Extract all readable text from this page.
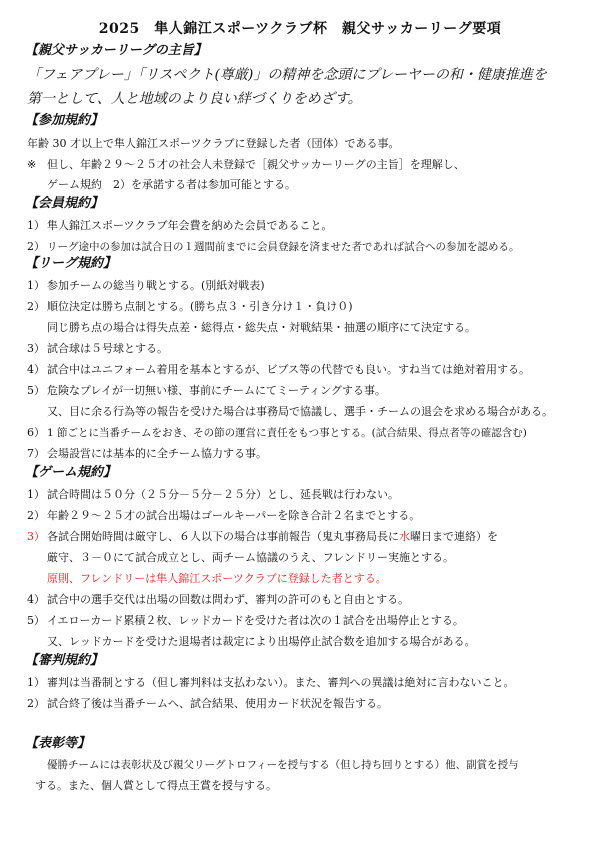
2025　隼人錦江スポーツクラブ杯　親父サッカーリーグ要項
【親父サッカーリーグの主旨】
「フェアプレー」「リスペクト(尊厳)」の精神を念頭にプレーヤーの和・健康推進を
第一として、人と地域のより良い絆づくりをめざす。
【参加規約】
年齢 30 才以上で隼人錦江スポーツクラブに登録した者（団体）である事。
※ 但し、年齢２９～２５才の社会人未登録で［親父サッカーリーグの主旨］を理解し、
ゲーム規約　2）を承諾する者は参加可能とする。
【会員規約】
1） 隼人錦江スポーツクラブ年会費を納めた会員であること。
2） リーグ途中の参加は試合日の１週間前までに会員登録を済ませた者であれば試合への参加を認める。
【リーグ規約】
1） 参加チームの総当り戦とする。(別紙対戦表)
2） 順位決定は勝ち点制とする。(勝ち点３・引き分け１・負け０)
同じ勝ち点の場合は得失点差・総得点・総失点・対戦結果・抽選の順序にて決定する。
3） 試合球は５号球とする。
4） 試合中はユニフォーム着用を基本とするが、ビブス等の代替でも良い。すね当ては絶対着用する。
5） 危険なプレイが一切無い様、事前にチームにてミーティングする事。
又、目に余る行為等の報告を受けた場合は事務局で協議し、選手・チームの退会を求める場合がある。
6） 1 節ごとに当番チームをおき、その節の運営に責任をもつ事とする。(試合結果、得点者等の確認含む)
7） 会場設営には基本的に全チーム協力する事。
【ゲーム規約】
1） 試合時間は５０分（２５分－５分－２５分）とし、延長戦は行わない。
2） 年齢２９～２５才の試合出場はゴールキーパーを除き合計２名までとする。
3） 各試合開始時間は厳守し、６人以下の場合は事前報告（鬼丸事務局長に水曜日まで連絡）を
厳守、３－０にて試合成立とし、両チーム協議のうえ、フレンドリー実施とする。
原則、フレンドリーは隼人錦江スポーツクラブに登録した者とする。
4） 試合中の選手交代は出場の回数は問わず、審判の許可のもと自由とする。
5） イエローカード累積２枚、レッドカードを受けた者は次の１試合を出場停止とする。
又、レッドカードを受けた退場者は裁定により出場停止試合数を追加する場合がある。
【審判規約】
1） 審判は当番制とする（但し審判料は支払わない）。また、審判への異議は絶対に言わないこと。
2） 試合終了後は当番チームへ、試合結果、使用カード状況を報告する。
【表彰等】
優勝チームには表彰状及び親父リーグトロフィーを授与する（但し持ち回りとする）他、副賞を授与
する。また、個人賞として得点王賞を授与する。
